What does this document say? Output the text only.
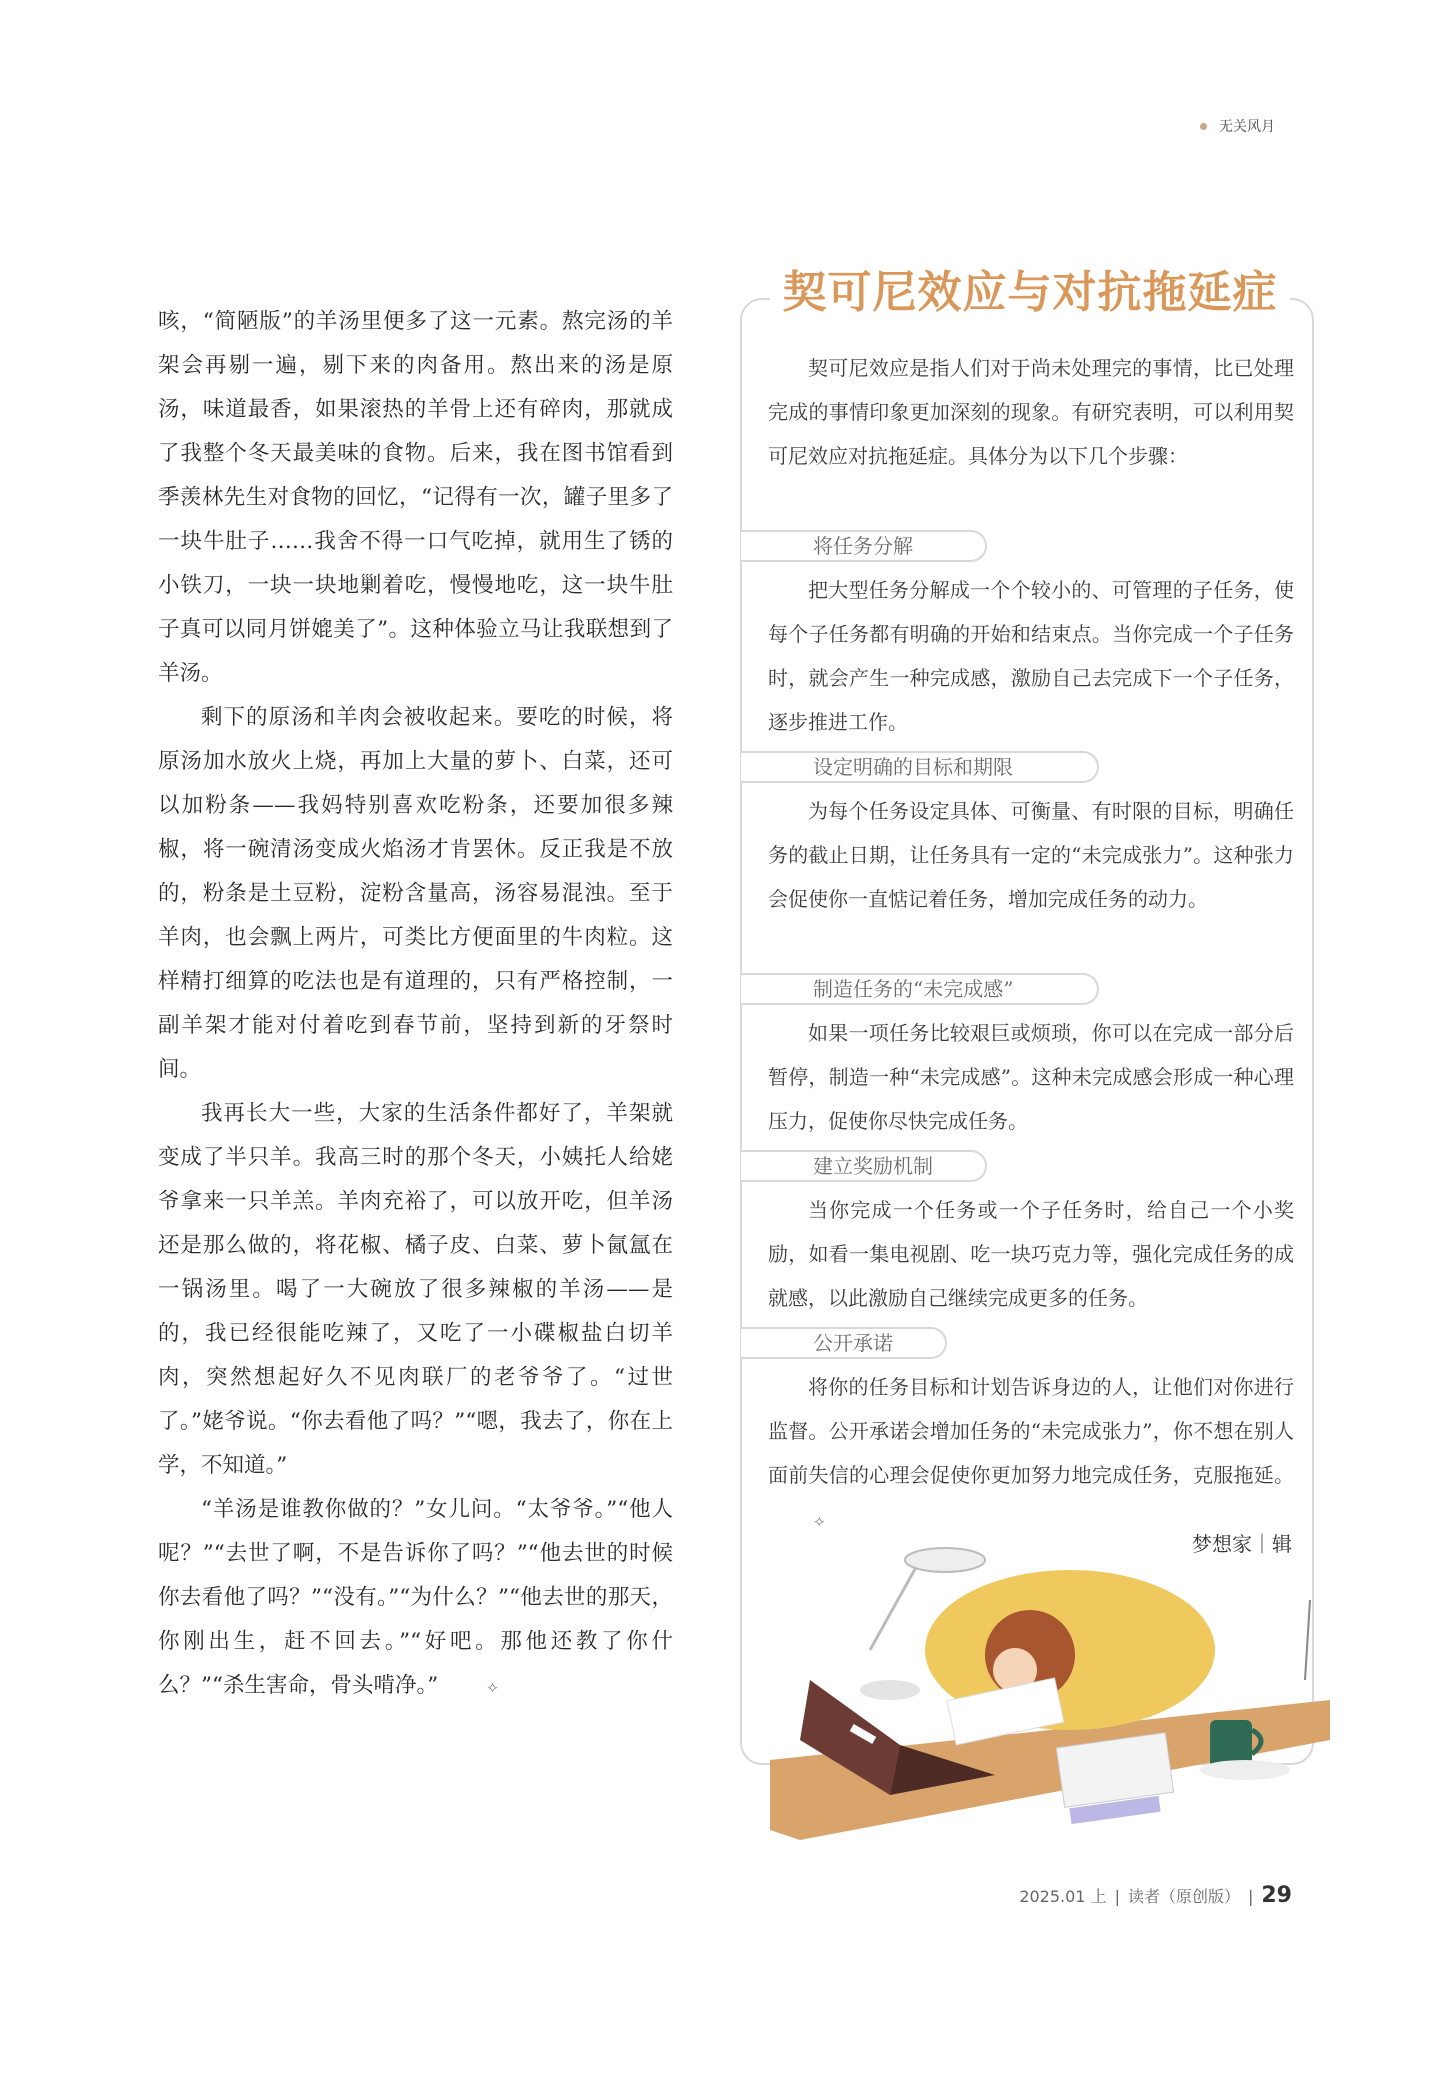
无关风月

咳，“简陋版”的羊汤里便多了这一元素。熬完汤的羊架会再剔一遍，剔下来的肉备用。熬出来的汤是原汤，味道最香，如果滚热的羊骨上还有碎肉，那就成了我整个冬天最美味的食物。后来，我在图书馆看到季羡林先生对食物的回忆，“记得有一次，罐子里多了一块牛肚子……我舍不得一口气吃掉，就用生了锈的小铁刀，一块一块地剿着吃，慢慢地吃，这一块牛肚子真可以同月饼媲美了”。这种体验立马让我联想到了羊汤。

剩下的原汤和羊肉会被收起来。要吃的时候，将原汤加水放火上烧，再加上大量的萝卜、白菜，还可以加粉条——我妈特别喜欢吃粉条，还要加很多辣椒，将一碗清汤变成火焰汤才肯罢休。反正我是不放的，粉条是土豆粉，淀粉含量高，汤容易混浊。至于羊肉，也会飘上两片，可类比方便面里的牛肉粒。这样精打细算的吃法也是有道理的，只有严格控制，一副羊架才能对付着吃到春节前，坚持到新的牙祭时间。

我再长大一些，大家的生活条件都好了，羊架就变成了半只羊。我高三时的那个冬天，小姨托人给姥爷拿来一只羊羔。羊肉充裕了，可以放开吃，但羊汤还是那么做的，将花椒、橘子皮、白菜、萝卜氤氲在一锅汤里。喝了一大碗放了很多辣椒的羊汤——是的，我已经很能吃辣了，又吃了一小碟椒盐白切羊肉，突然想起好久不见肉联厂的老爷爷了。“过世了。”姥爷说。“你去看他了吗？”“嗯，我去了，你在上学，不知道。”

“羊汤是谁教你做的？”女儿问。“太爷爷。”“他人呢？”“去世了啊，不是告诉你了吗？”“他去世的时候你去看他了吗？”“没有。”“为什么？”“他去世的那天，你刚出生，赶不回去。”“好吧。那他还教了你什么？”“杀生害命，骨头啃净。”	⟡

契可尼效应与对抗拖延症

契可尼效应是指人们对于尚未处理完的事情，比已处理完成的事情印象更加深刻的现象。有研究表明，可以利用契可尼效应对抗拖延症。具体分为以下几个步骤：

将任务分解

把大型任务分解成一个个较小的、可管理的子任务，使每个子任务都有明确的开始和结束点。当你完成一个子任务时，就会产生一种完成感，激励自己去完成下一个子任务，逐步推进工作。

设定明确的目标和期限

为每个任务设定具体、可衡量、有时限的目标，明确任务的截止日期，让任务具有一定的“未完成张力”。这种张力会促使你一直惦记着任务，增加完成任务的动力。

制造任务的“未完成感”

如果一项任务比较艰巨或烦琐，你可以在完成一部分后暂停，制造一种“未完成感”。这种未完成感会形成一种心理压力，促使你尽快完成任务。

建立奖励机制

当你完成一个任务或一个子任务时，给自己一个小奖励，如看一集电视剧、吃一块巧克力等，强化完成任务的成就感，以此激励自己继续完成更多的任务。

公开承诺

将你的任务目标和计划告诉身边的人，让他们对你进行监督。公开承诺会增加任务的“未完成张力”，你不想在别人面前失信的心理会促使你更加努力地完成任务，克服拖延。⟡

梦想家｜辑
2025.01 上 | 读者（原创版） | 29
